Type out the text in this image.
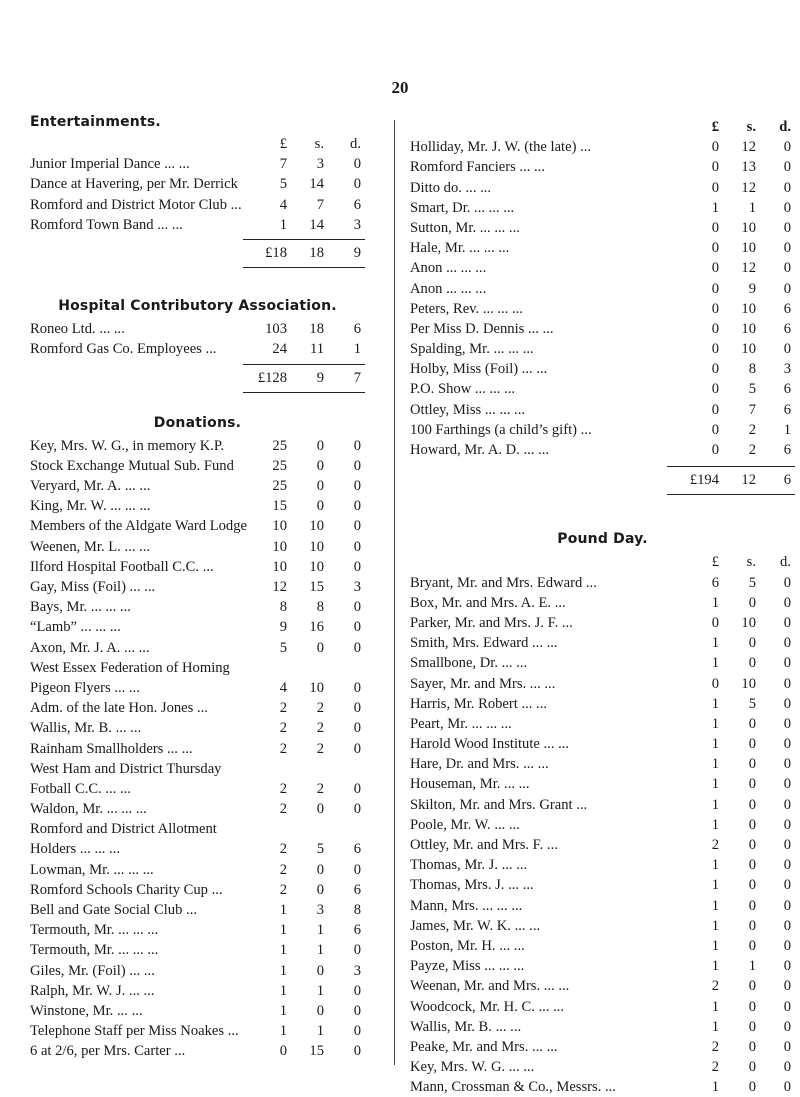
20
Entertainments.
£ s. d.
Junior Imperial Dance ... ...	7 3 0
Dance at Havering, per Mr. Derrick	5 14 0
Romford and District Motor Club ...	4 7 6
Romford Town Band ... ...	1 14 3
£18 18 9
Hospital Contributory Association.
Roneo Ltd. ... ...	103 18 6
Romford Gas Co. Employees ...	24 11 1
£128 9 7
Donations.
Key, Mrs. W. G., in memory K.P.	25 0 0
Stock Exchange Mutual Sub. Fund	25 0 0
Veryard, Mr. A. ... ...	25 0 0
King, Mr. W. ... ... ...	15 0 0
Members of the Aldgate Ward Lodge 10 10 0
Weenen, Mr. L. ... ...	10 10 0
Ilford Hospital Football C.C. ...	10 10 0
Gay, Miss (Foil) ... ...	12 15 3
Bays, Mr. ... ... ...	8 8 0
“Lamb” ... ... ...	9 16 0
Axon, Mr. J. A. ... ...	5 0 0
West Essex Federation of Homing
Pigeon Flyers ... ...	4 10 0
Adm. of the late Hon. Jones ...	2 2 0
Wallis, Mr. B. ... ...	2 2 0
Rainham Smallholders ... ...	2 2 0
West Ham and District Thursday
Fotball C.C. ... ...	2 2 0
Waldon, Mr. ... ... ...	2 0 0
Romford and District Allotment
Holders ... ... ...	2 5 6
Lowman, Mr. ... ... ...	2 0 0
Romford Schools Charity Cup ...	2 0 6
Bell and Gate Social Club ...	1 3 8
Termouth, Mr. ... ... ...	1 1 6
Termouth, Mr. ... ... ...	1 1 0
Giles, Mr. (Foil) ... ...	1 0 3
Ralph, Mr. W. J. ... ...	1 1 0
Winstone, Mr. ... ...	1 0 0
Telephone Staff per Miss Noakes ...	1 1 0
6 at 2/6, per Mrs. Carter ...	0 15 0
£ s. d.
Holliday, Mr. J. W. (the late) ...	0 12 0
Romford Fanciers ... ...	0 13 0
Ditto do. ... ...	0 12 0
Smart, Dr. ... ... ...	1 1 0
Sutton, Mr. ... ... ...	0 10 0
Hale, Mr. ... ... ...	0 10 0
Anon ... ... ...	0 12 0
Anon ... ... ...	0 9 0
Peters, Rev. ... ... ...	0 10 6
Per Miss D. Dennis ... ...	0 10 6
Spalding, Mr. ... ... ...	0 10 0
Holby, Miss (Foil) ... ...	0 8 3
P.O. Show ... ... ...	0 5 6
Ottley, Miss ... ... ...	0 7 6
100 Farthings (a child’s gift) ...	0 2 1
Howard, Mr. A. D. ... ...	0 2 6
£194 12 6
Pound Day.
£ s. d.
Bryant, Mr. and Mrs. Edward ...	6 5 0
Box, Mr. and Mrs. A. E. ...	1 0 0
Parker, Mr. and Mrs. J. F. ...	0 10 0
Smith, Mrs. Edward ... ...	1 0 0
Smallbone, Dr. ... ...	1 0 0
Sayer, Mr. and Mrs. ... ...	0 10 0
Harris, Mr. Robert ... ...	1 5 0
Peart, Mr. ... ... ...	1 0 0
Harold Wood Institute ... ...	1 0 0
Hare, Dr. and Mrs. ... ...	1 0 0
Houseman, Mr. ... ...	1 0 0
Skilton, Mr. and Mrs. Grant ...	1 0 0
Poole, Mr. W. ... ...	1 0 0
Ottley, Mr. and Mrs. F. ...	2 0 0
Thomas, Mr. J. ... ...	1 0 0
Thomas, Mrs. J. ... ...	1 0 0
Mann, Mrs. ... ... ...	1 0 0
James, Mr. W. K. ... ...	1 0 0
Poston, Mr. H. ... ...	1 0 0
Payze, Miss ... ... ...	1 1 0
Weenan, Mr. and Mrs. ... ...	2 0 0
Woodcock, Mr. H. C. ... ...	1 0 0
Wallis, Mr. B. ... ...	1 0 0
Peake, Mr. and Mrs. ... ...	2 0 0
Key, Mrs. W. G. ... ...	2 0 0
Mann, Crossman & Co., Messrs. ...	1 0 0
